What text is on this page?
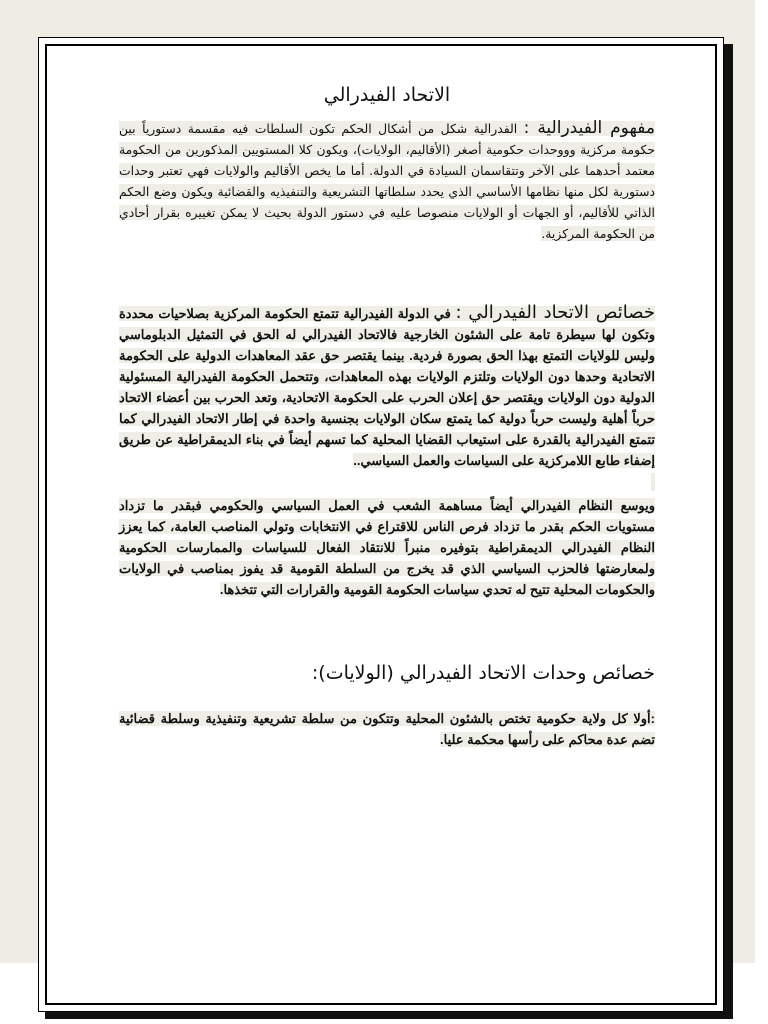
الاتحاد الفيدرالي

مفهوم الفيدرالية : الفدرالية شكل من أشكال الحكم تكون السلطات فيه مقسمة دستورياً بين حكومة مركزية وووحدات حكومية أصغر (الأقاليم، الولايات)، ويكون كلا المستويين المذكورين من الحكومة معتمد أحدهما على الآخر وتتقاسمان السيادة في الدولة. أما ما يخص الأقاليم والولايات فهي تعتبر وحدات دستورية لكل منها نظامها الأساسي الذي يحدد سلطاتها التشريعية والتنفيذيه والقضائية ويكون وضع الحكم الذاتي للأقاليم، أو الجهات أو الولايات منصوصا عليه في دستور الدولة بحيث لا يمكن تغييره بقرار أحادي من الحكومة المركزية.

خصائص الاتحاد الفيدرالي : في الدولة الفيدرالية تتمتع الحكومة المركزية بصلاحيات محددة وتكون لها سيطرة تامة على الشئون الخارجية فالاتحاد الفيدرالي له الحق في التمثيل الدبلوماسي وليس للولايات التمتع بهذا الحق بصورة فردية. بينما يقتصر حق عقد المعاهدات الدولية على الحكومة الاتحادية وحدها دون الولايات وتلتزم الولايات بهذه المعاهدات، وتتحمل الحكومة الفيدرالية المسئولية الدولية دون الولايات ويقتصر حق إعلان الحرب على الحكومة الاتحادية، وتعد الحرب بين أعضاء الاتحاد حرباً أهلية وليست حرباً دولية كما يتمتع سكان الولايات بجنسية واحدة في إطار الاتحاد الفيدرالي كما تتمتع الفيدرالية بالقدرة على استيعاب القضايا المحلية كما تسهم أيضاً في بناء الديمقراطية عن طريق إضفاء طابع اللامركزية على السياسات والعمل السياسي..

ويوسع النظام الفيدرالي أيضاً مساهمة الشعب في العمل السياسي والحكومي فبقدر ما تزداد مستويات الحكم بقدر ما تزداد فرص الناس للاقتراع في الانتخابات وتولي المناصب العامة، كما يعزز النظام الفيدرالي الديمقراطية بتوفيره منبراً للانتقاد الفعال للسياسات والممارسات الحكومية ولمعارضتها فالحزب السياسي الذي قد يخرج من السلطة القومية قد يفوز بمناصب في الولايات والحكومات المحلية تتيح له تحدي سياسات الحكومة القومية والقرارات التي تتخذها.

خصائص وحدات الاتحاد الفيدرالي (الولايات):

:أولا كل ولاية حكومية تختص بالشئون المحلية وتتكون من سلطة تشريعية وتنفيذية وسلطة قضائية تضم عدة محاكم على رأسها محكمة عليا.
